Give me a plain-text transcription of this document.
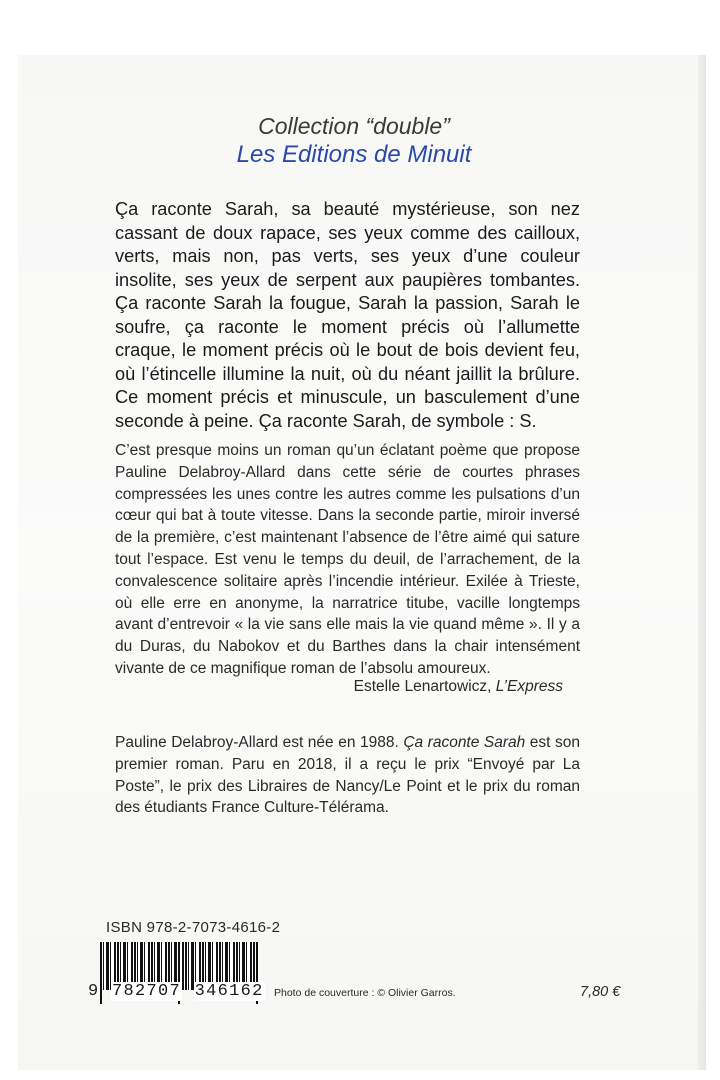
Collection “double”
Les Editions de Minuit

Ça raconte Sarah, sa beauté mystérieuse, son nez cassant de doux rapace, ses yeux comme des cailloux, verts, mais non, pas verts, ses yeux d’une couleur insolite, ses yeux de serpent aux paupières tombantes. Ça raconte Sarah la fougue, Sarah la passion, Sarah le soufre, ça raconte le moment précis où l’allumette craque, le moment précis où le bout de bois devient feu, où l’étincelle illumine la nuit, où du néant jaillit la brûlure. Ce moment précis et minuscule, un basculement d’une seconde à peine. Ça raconte Sarah, de symbole : S.

C’est presque moins un roman qu’un éclatant poème que propose Pauline Delabroy-Allard dans cette série de courtes phrases compressées les unes contre les autres comme les pulsations d’un cœur qui bat à toute vitesse. Dans la seconde partie, miroir inversé de la première, c’est maintenant l’absence de l’être aimé qui sature tout l’espace. Est venu le temps du deuil, de l’arrachement, de la convalescence solitaire après l’incendie intérieur. Exilée à Trieste, où elle erre en anonyme, la narratrice titube, vacille longtemps avant d’entrevoir « la vie sans elle mais la vie quand même ». Il y a du Duras, du Nabokov et du Barthes dans la chair intensément vivante de ce magnifique roman de l’absolu amoureux.

Estelle Lenartowicz, L’Express

Pauline Delabroy-Allard est née en 1988. Ça raconte Sarah est son premier roman. Paru en 2018, il a reçu le prix “Envoyé par La Poste”, le prix des Libraires de Nancy/Le Point et le prix du roman des étudiants France Culture-Télérama.

ISBN 978-2-7073-4616-2
9 782707 346162 Photo de couverture : © Olivier Garros.	7,80 €
